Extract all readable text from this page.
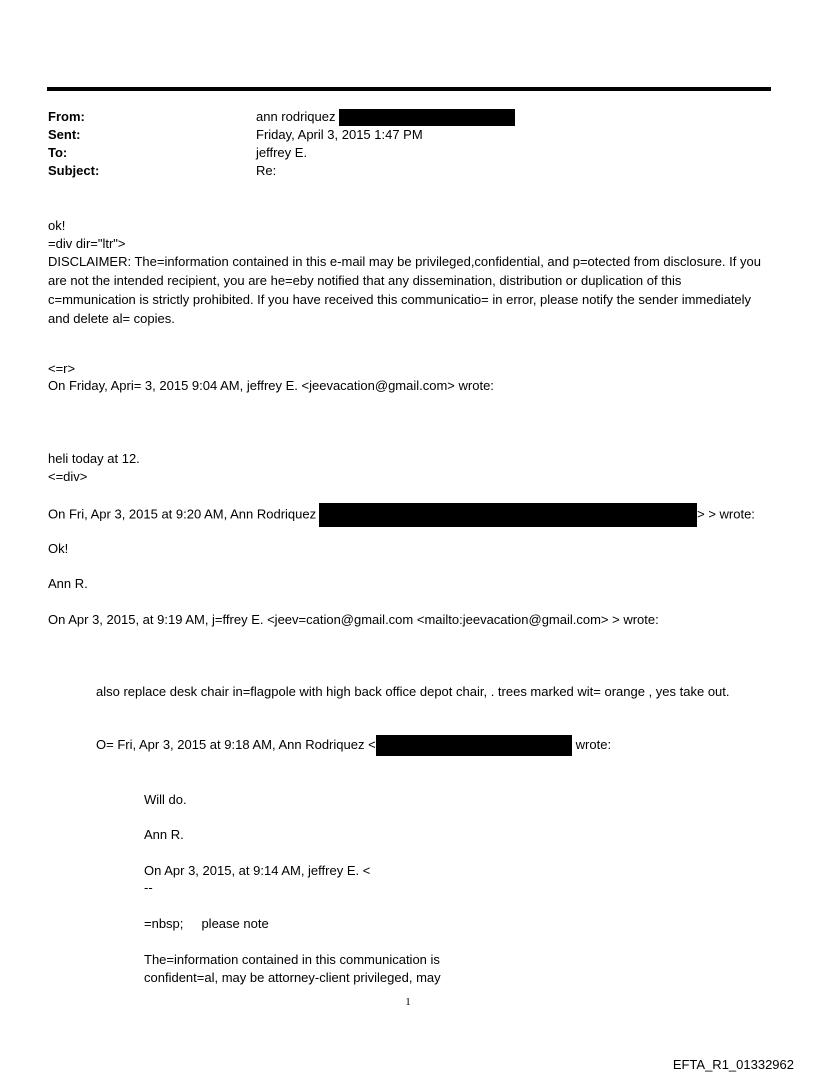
From:	ann rodriquez
Sent:	Friday, April 3, 2015 1:47 PM
To:	jeffrey E.
Subject:	Re:
ok!
=div dir="ltr">
DISCLAIMER: The=information contained in this e-mail may be privileged,confidential, and p=otected from disclosure. If you are not the intended recipient, you are he=eby notified that any dissemination, distribution or duplication of this c=mmunication is strictly prohibited. If you have received this communicatio= in error, please notify the sender immediately and delete al= copies.
<=r>
On Friday, Apri= 3, 2015 9:04 AM, jeffrey E. <jeevacation@gmail.com> wrote:
heli today at 12.
<=div>
On Fri, Apr 3, 2015 at 9:20 AM, Ann Rodriquez	> > wrote:
Ok!
Ann R.
On Apr 3, 2015, at 9:19 AM, j=ffrey E. <jeev=cation@gmail.com <mailto:jeevacation@gmail.com> > wrote:
also replace desk chair in=flagpole with high back office depot chair, . trees marked wit= orange , yes take out.
O= Fri, Apr 3, 2015 at 9:18 AM, Ann Rodriquez <	wrote:
Will do.
Ann R.
On Apr 3, 2015, at 9:14 AM, jeffrey E. <
--
=nbsp;     please note
The=information contained in this communication is
confident=al, may be attorney-client privileged, may
1
EFTA_R1_01332962
